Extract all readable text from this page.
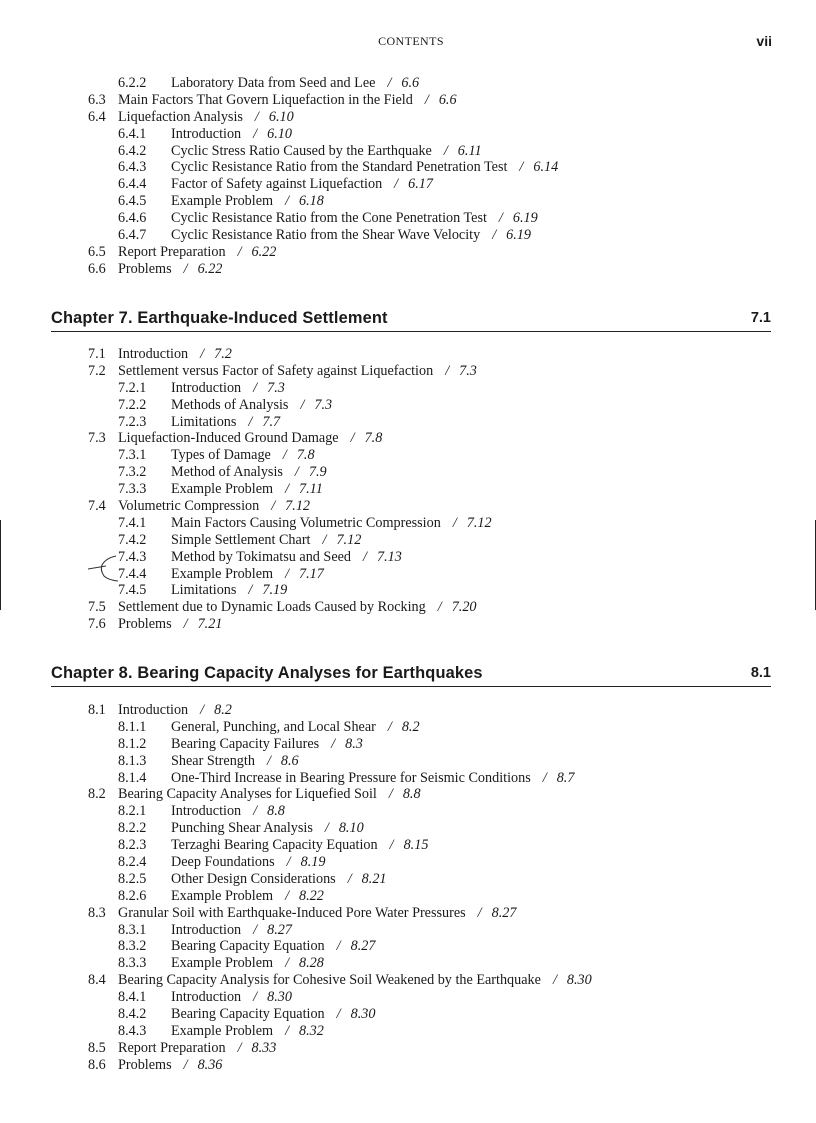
CONTENTS	vii
6.2.2 Laboratory Data from Seed and Lee / 6.6
6.3 Main Factors That Govern Liquefaction in the Field / 6.6
6.4 Liquefaction Analysis / 6.10
6.4.1 Introduction / 6.10
6.4.2 Cyclic Stress Ratio Caused by the Earthquake / 6.11
6.4.3 Cyclic Resistance Ratio from the Standard Penetration Test / 6.14
6.4.4 Factor of Safety against Liquefaction / 6.17
6.4.5 Example Problem / 6.18
6.4.6 Cyclic Resistance Ratio from the Cone Penetration Test / 6.19
6.4.7 Cyclic Resistance Ratio from the Shear Wave Velocity / 6.19
6.5 Report Preparation / 6.22
6.6 Problems / 6.22
Chapter 7. Earthquake-Induced Settlement	7.1
7.1 Introduction / 7.2
7.2 Settlement versus Factor of Safety against Liquefaction / 7.3
7.2.1 Introduction / 7.3
7.2.2 Methods of Analysis / 7.3
7.2.3 Limitations / 7.7
7.3 Liquefaction-Induced Ground Damage / 7.8
7.3.1 Types of Damage / 7.8
7.3.2 Method of Analysis / 7.9
7.3.3 Example Problem / 7.11
7.4 Volumetric Compression / 7.12
7.4.1 Main Factors Causing Volumetric Compression / 7.12
7.4.2 Simple Settlement Chart / 7.12
7.4.3 Method by Tokimatsu and Seed / 7.13
7.4.4 Example Problem / 7.17
7.4.5 Limitations / 7.19
7.5 Settlement due to Dynamic Loads Caused by Rocking / 7.20
7.6 Problems / 7.21
Chapter 8. Bearing Capacity Analyses for Earthquakes	8.1
8.1 Introduction / 8.2
8.1.1 General, Punching, and Local Shear / 8.2
8.1.2 Bearing Capacity Failures / 8.3
8.1.3 Shear Strength / 8.6
8.1.4 One-Third Increase in Bearing Pressure for Seismic Conditions / 8.7
8.2 Bearing Capacity Analyses for Liquefied Soil / 8.8
8.2.1 Introduction / 8.8
8.2.2 Punching Shear Analysis / 8.10
8.2.3 Terzaghi Bearing Capacity Equation / 8.15
8.2.4 Deep Foundations / 8.19
8.2.5 Other Design Considerations / 8.21
8.2.6 Example Problem / 8.22
8.3 Granular Soil with Earthquake-Induced Pore Water Pressures / 8.27
8.3.1 Introduction / 8.27
8.3.2 Bearing Capacity Equation / 8.27
8.3.3 Example Problem / 8.28
8.4 Bearing Capacity Analysis for Cohesive Soil Weakened by the Earthquake / 8.30
8.4.1 Introduction / 8.30
8.4.2 Bearing Capacity Equation / 8.30
8.4.3 Example Problem / 8.32
8.5 Report Preparation / 8.33
8.6 Problems / 8.36
